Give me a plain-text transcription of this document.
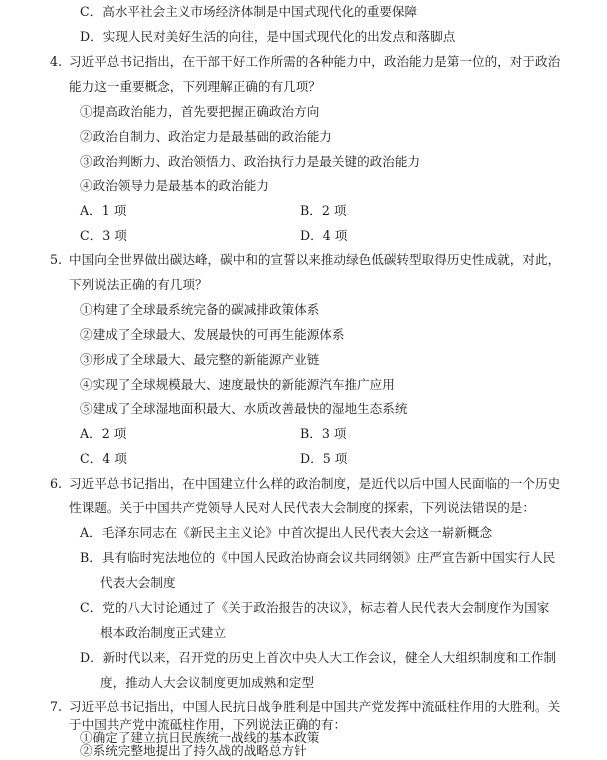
C．高水平社会主义市场经济体制是中国式现代化的重要保障
D．实现人民对美好生活的向往，是中国式现代化的出发点和落脚点
4. 习近平总书记指出，在干部干好工作所需的各种能力中，政治能力是第一位的，对于政治
能力这一重要概念，下列理解正确的有几项？
①提高政治能力，首先要把握正确政治方向
②政治自制力、政治定力是最基础的政治能力
③政治判断力、政治领悟力、政治执行力是最关键的政治能力
④政治领导力是最基本的政治能力
A．1 项	B．2 项
C．3 项	D．4 项
5. 中国向全世界做出碳达峰，碳中和的宣誓以来推动绿色低碳转型取得历史性成就，对此，
下列说法正确的有几项？
①构建了全球最系统完备的碳减排政策体系
②建成了全球最大、发展最快的可再生能源体系
③形成了全球最大、最完整的新能源产业链
④实现了全球规模最大、速度最快的新能源汽车推广应用
⑤建成了全球湿地面积最大、水质改善最快的湿地生态系统
A．2 项	B．3 项
C．4 项	D．5 项
6. 习近平总书记指出，在中国建立什么样的政治制度，是近代以后中国人民面临的一个历史
性课题。关于中国共产党领导人民对人民代表大会制度的探索，下列说法错误的是：
A．毛泽东同志在《新民主主义论》中首次提出人民代表大会这一崭新概念
B．具有临时宪法地位的《中国人民政治协商会议共同纲领》庄严宣告新中国实行人民
代表大会制度
C．党的八大讨论通过了《关于政治报告的决议》，标志着人民代表大会制度作为国家
根本政治制度正式建立
D．新时代以来，召开党的历史上首次中央人大工作会议，健全人大组织制度和工作制
度，推动人大会议制度更加成熟和定型
7. 习近平总书记指出，中国人民抗日战争胜利是中国共产党发挥中流砥柱作用的大胜利。关
于中国共产党中流砥柱作用，下列说法正确的有：
①确定了建立抗日民族统一战线的基本政策
②系统完整地提出了持久战的战略总方针
